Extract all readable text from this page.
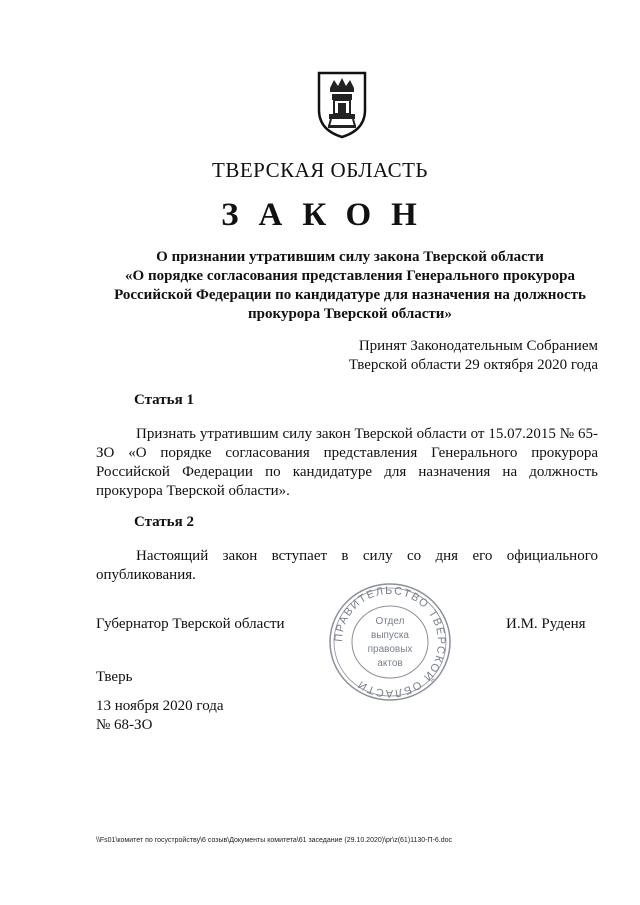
ТВЕРСКАЯ ОБЛАСТЬ
ЗАКОН
О признании утратившим силу закона Тверской области
«О порядке согласования представления Генерального прокурора
Российской Федерации по кандидатуре для назначения на должность
прокурора Тверской области»
Принят Законодательным Собранием
Тверской области 29 октября 2020 года
Статья 1
Признать утратившим силу закон Тверской области от 15.07.2015 № 65-ЗО «О порядке согласования представления Генерального прокурора Российской Федерации по кандидатуре для назначения на должность прокурора Тверской области».
Статья 2
Настоящий закон вступает в силу со дня его официального опубликования.
ПРАВИТЕЛЬСТВО ТВЕРСКОЙ ОБЛАСТИ
Отдел
выпуска
правовых
актов
Губернатор Тверской области	И.М. Руденя
Тверь
13 ноября 2020 года
№ 68-ЗО
\\Fs01\комитет по госустройству\6 созыв\Документы комитета\61 заседание (29.10.2020)\pr\z(61)1130-П-6.doc
